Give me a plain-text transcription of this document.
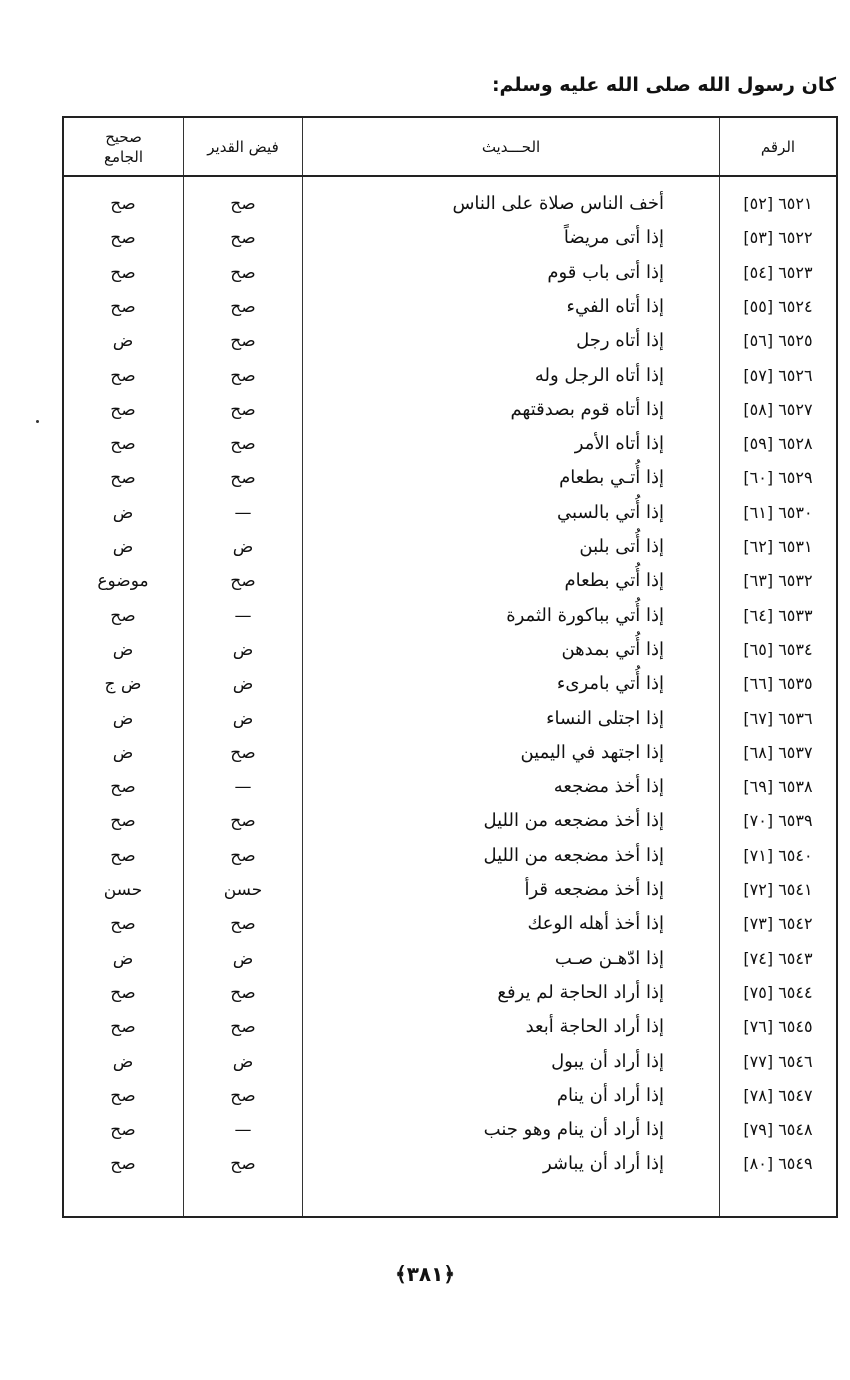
كان رسول الله صلى الله عليه وسلم:
الرقم
الحـــديث
فيض القدير
صحيح
الجامع
٦٥٢١ [٥٢]
أخف الناس صلاة على الناس
صح
صح
٦٥٢٢ [٥٣]
إذا أتى مريضاً
صح
صح
٦٥٢٣ [٥٤]
إذا أتى باب قوم
صح
صح
٦٥٢٤ [٥٥]
إذا أتاه الفيء
صح
صح
٦٥٢٥ [٥٦]
إذا أتاه رجل
صح
ض
٦٥٢٦ [٥٧]
إذا أتاه الرجل وله
صح
صح
٦٥٢٧ [٥٨]
إذا أتاه قوم بصدقتهم
صح
صح
٦٥٢٨ [٥٩]
إذا أتاه الأمر
صح
صح
٦٥٢٩ [٦٠]
إذا أُتـي بطعام
صح
صح
٦٥٣٠ [٦١]
إذا أُتي بالسبي
—
ض
٦٥٣١ [٦٢]
إذا أُتى بلبن
ض
ض
٦٥٣٢ [٦٣]
إذا أُتي بطعام
صح
موضوع
٦٥٣٣ [٦٤]
إذا أُتي بباكورة الثمرة
—
صح
٦٥٣٤ [٦٥]
إذا أُتي بمدهن
ض
ض
٦٥٣٥ [٦٦]
إذا أُتي بامرىء
ض
ض ج
٦٥٣٦ [٦٧]
إذا اجتلى النساء
ض
ض
٦٥٣٧ [٦٨]
إذا اجتهد في اليمين
صح
ض
٦٥٣٨ [٦٩]
إذا أخذ مضجعه
—
صح
٦٥٣٩ [٧٠]
إذا أخذ مضجعه من الليل
صح
صح
٦٥٤٠ [٧١]
إذا أخذ مضجعه من الليل
صح
صح
٦٥٤١ [٧٢]
إذا أخذ مضجعه قرأ
حسن
حسن
٦٥٤٢ [٧٣]
إذا أخذ أهله الوعك
صح
صح
٦٥٤٣ [٧٤]
إذا ادّهـن صـب
ض
ض
٦٥٤٤ [٧٥]
إذا أراد الحاجة لم يرفع
صح
صح
٦٥٤٥ [٧٦]
إذا أراد الحاجة أبعد
صح
صح
٦٥٤٦ [٧٧]
إذا أراد أن يبول
ض
ض
٦٥٤٧ [٧٨]
إذا أراد أن ينام
صح
صح
٦٥٤٨ [٧٩]
إذا أراد أن ينام وهو جنب
—
صح
٦٥٤٩ [٨٠]
إذا أراد أن يباشر
صح
صح
﴿٣٨١﴾
